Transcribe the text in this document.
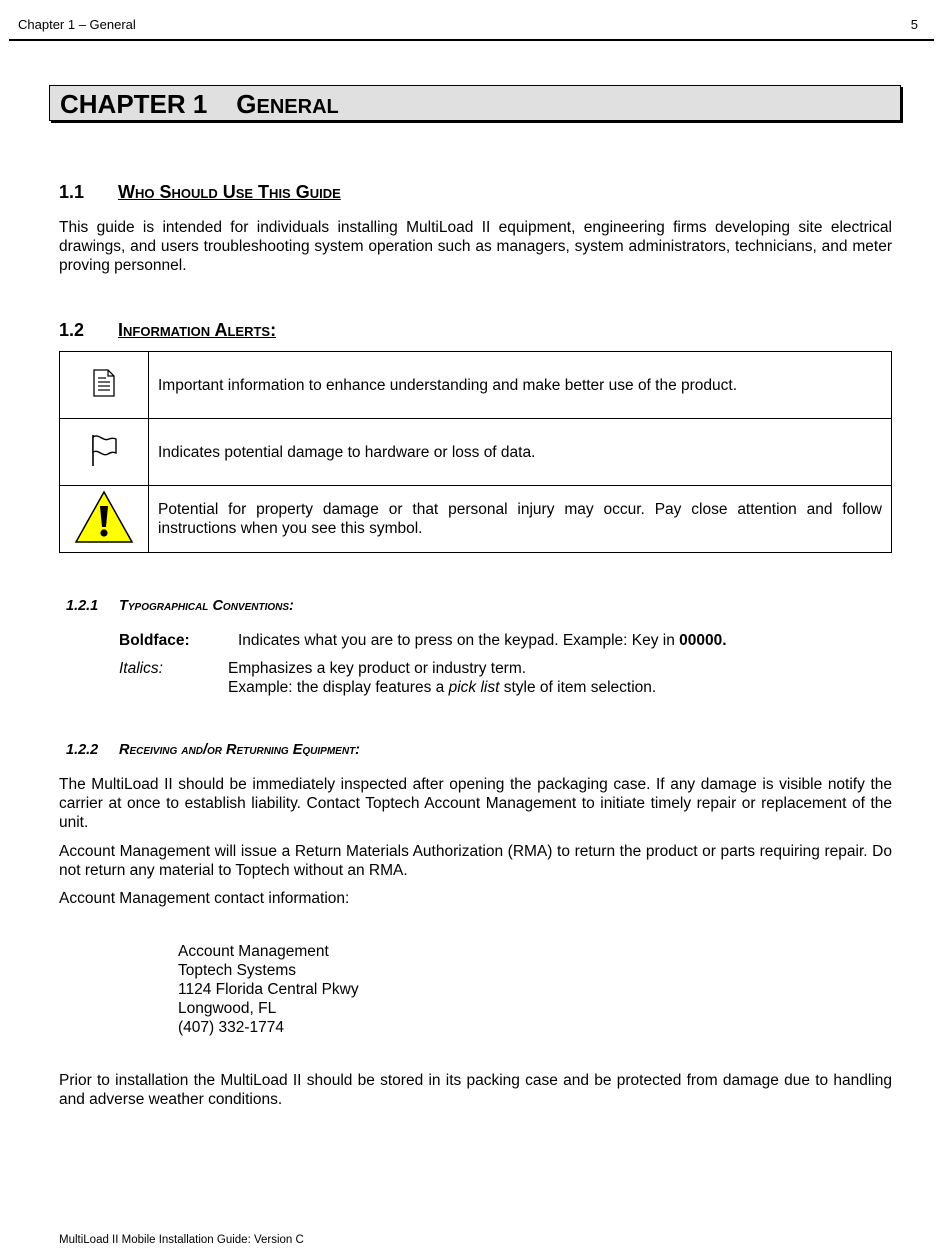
Chapter 1 – General	5
CHAPTER 1 GENERAL
1.1 Who Should Use This Guide

This guide is intended for individuals installing MultiLoad II equipment, engineering firms developing site electrical drawings, and users troubleshooting system operation such as managers, system administrators, technicians, and meter proving personnel.

1.2 Information Alerts:
	Important information to enhance understanding and make better use of the product.
	Indicates potential damage to hardware or loss of data.
	Potential for property damage or that personal injury may occur. Pay close attention and follow instructions when you see this symbol.
1.2.1 Typographical Conventions:
Boldface:	Indicates what you are to press on the keypad. Example: Key in 00000.
Italics:	Emphasizes a key product or industry term.
Example: the display features a pick list style of item selection.
1.2.2 Receiving and/or Returning Equipment:

The MultiLoad II should be immediately inspected after opening the packaging case. If any damage is visible notify the carrier at once to establish liability. Contact Toptech Account Management to initiate timely repair or replacement of the unit.

Account Management will issue a Return Materials Authorization (RMA) to return the product or parts requiring repair. Do not return any material to Toptech without an RMA.

Account Management contact information:

Account Management
Toptech Systems
1124 Florida Central Pkwy
Longwood, FL
(407) 332-1774

Prior to installation the MultiLoad II should be stored in its packing case and be protected from damage due to handling and adverse weather conditions.

MultiLoad II Mobile Installation Guide: Version C
